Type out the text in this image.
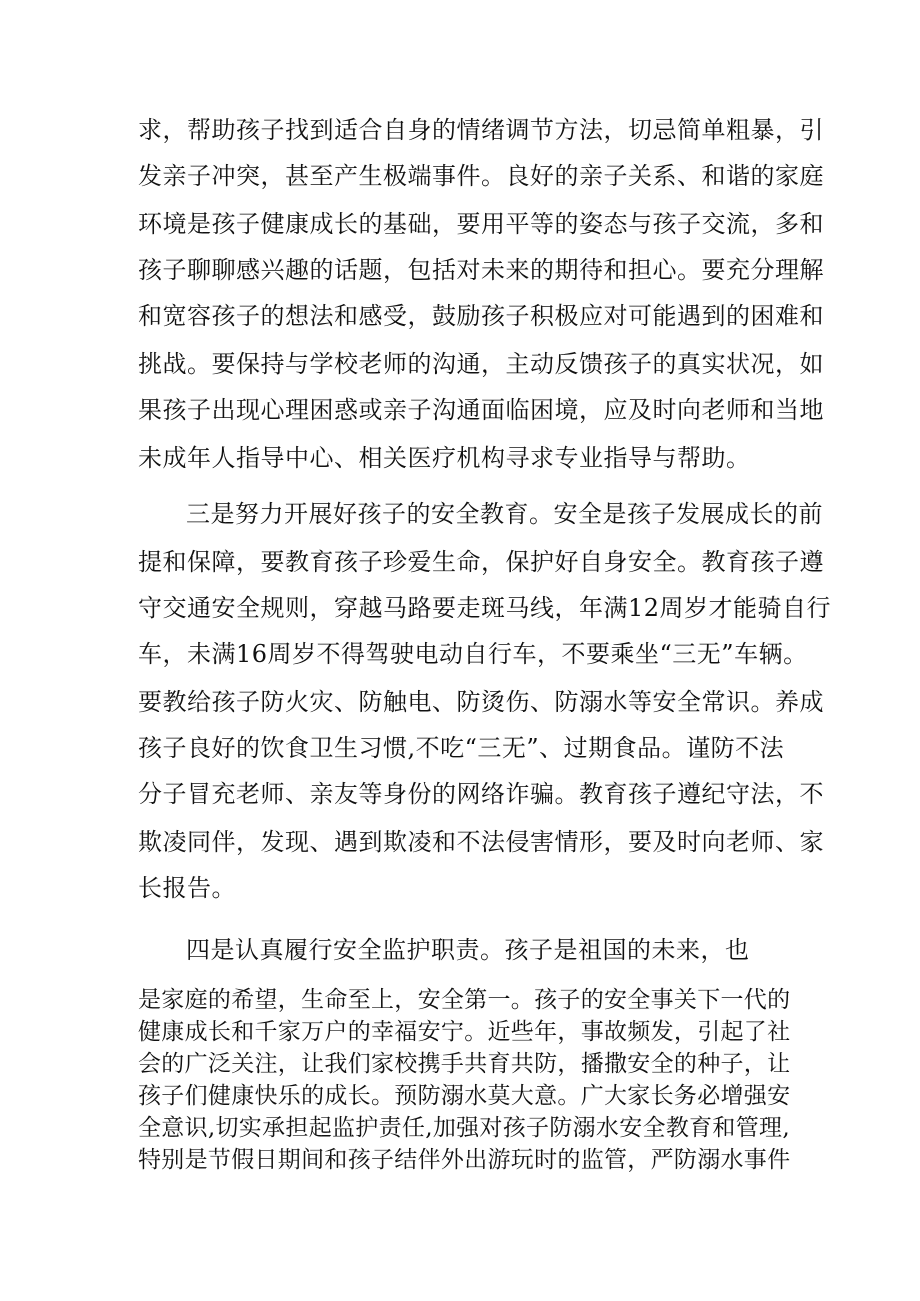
求，帮助孩子找到适合自身的情绪调节方法，切忌简单粗暴，引
发亲子冲突，甚至产生极端事件。良好的亲子关系、和谐的家庭
环境是孩子健康成长的基础，要用平等的姿态与孩子交流，多和
孩子聊聊感兴趣的话题，包括对未来的期待和担心。要充分理解
和宽容孩子的想法和感受，鼓励孩子积极应对可能遇到的困难和
挑战。要保持与学校老师的沟通，主动反馈孩子的真实状况，如
果孩子出现心理困惑或亲子沟通面临困境，应及时向老师和当地
未成年人指导中心、相关医疗机构寻求专业指导与帮助。
三是努力开展好孩子的安全教育。安全是孩子发展成长的前
提和保障，要教育孩子珍爱生命，保护好自身安全。教育孩子遵
守交通安全规则，穿越马路要走斑马线，年满12周岁才能骑自行
车，未满16周岁不得驾驶电动自行车，不要乘坐“三无”车辆。
要教给孩子防火灾、防触电、防烫伤、防溺水等安全常识。养成
孩子良好的饮食卫生习惯,不吃“三无”、过期食品。谨防不法
分子冒充老师、亲友等身份的网络诈骗。教育孩子遵纪守法，不
欺凌同伴，发现、遇到欺凌和不法侵害情形，要及时向老师、家
长报告。
四是认真履行安全监护职责。孩子是祖国的未来，也
是家庭的希望，生命至上，安全第一。孩子的安全事关下一代的
健康成长和千家万户的幸福安宁。近些年，事故频发，引起了社
会的广泛关注，让我们家校携手共育共防，播撒安全的种子，让
孩子们健康快乐的成长。预防溺水莫大意。广大家长务必增强安
全意识,切实承担起监护责任,加强对孩子防溺水安全教育和管理,
特别是节假日期间和孩子结伴外出游玩时的监管，严防溺水事件
